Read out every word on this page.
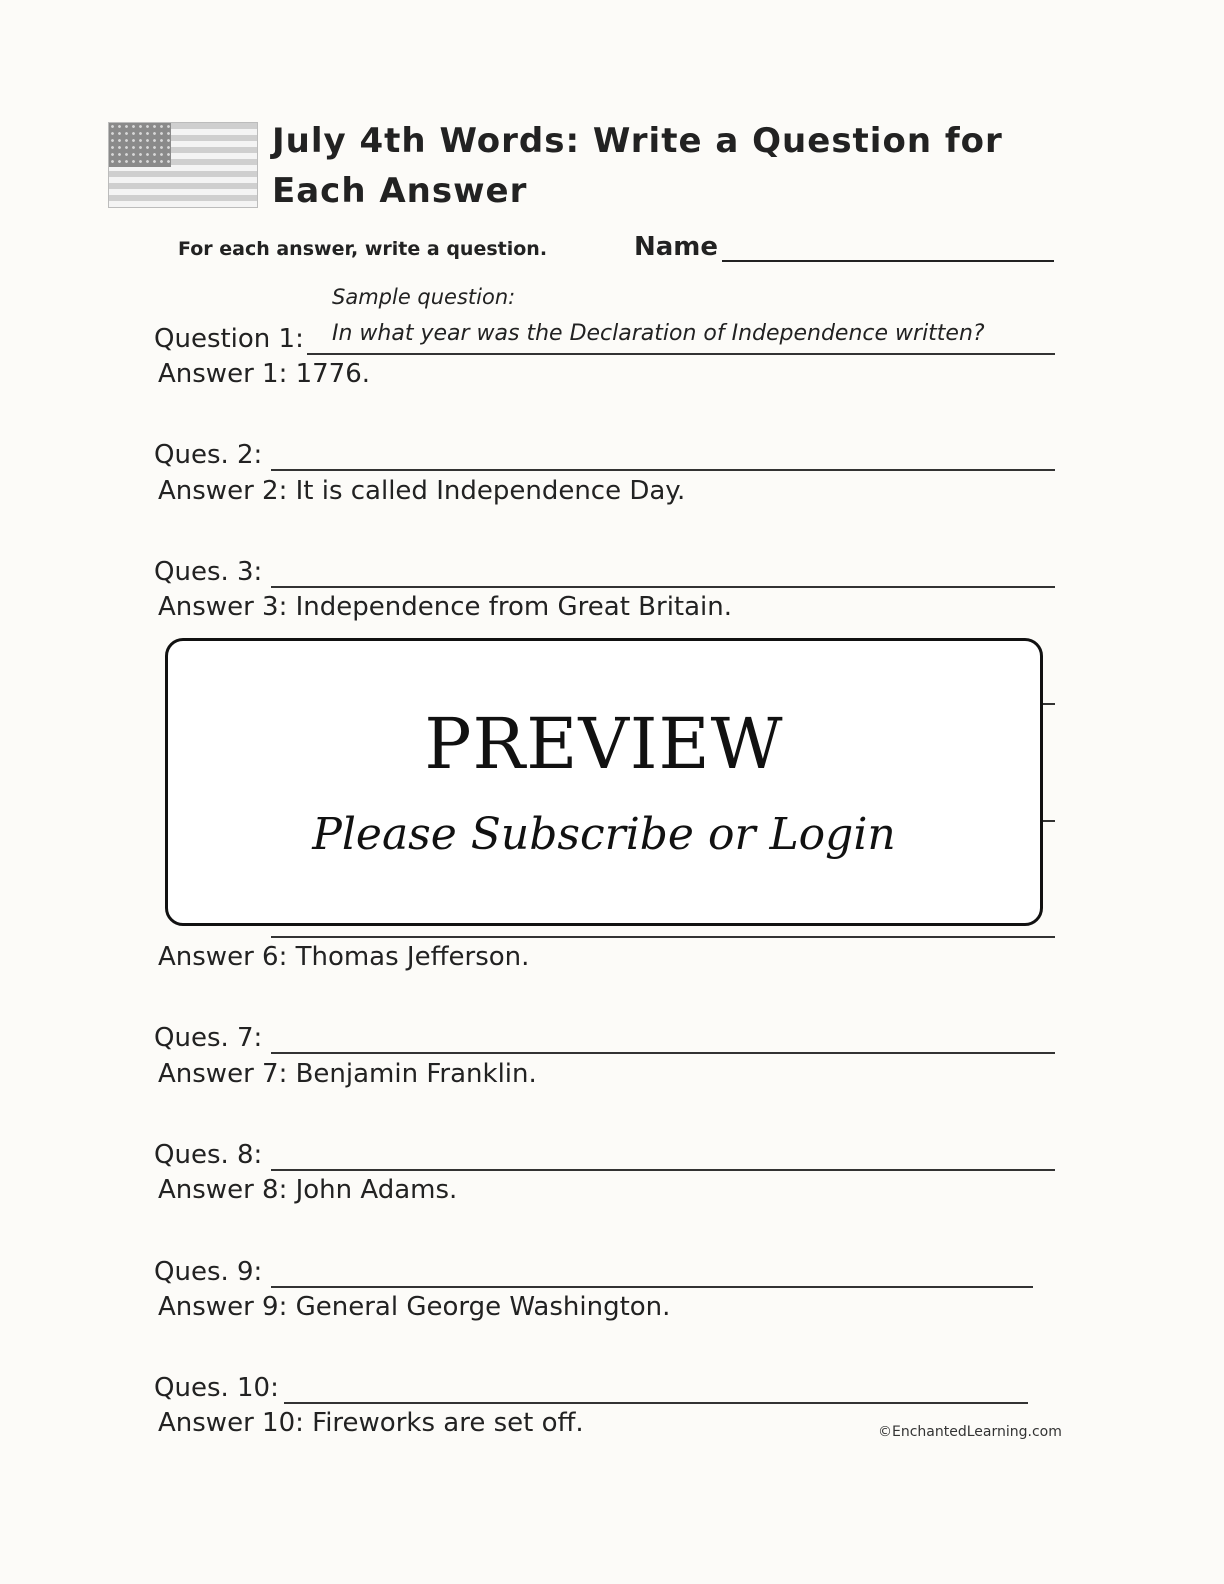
July 4th Words: Write a Question for Each Answer
For each answer, write a question.	Name
Sample question:
Question 1: In what year was the Declaration of Independence written?
Answer 1: 1776.
Ques. 2:
Answer 2: It is called Independence Day.
Ques. 3:
Answer 3: Independence from Great Britain.
Answer 6: Thomas Jefferson.
Ques. 7:
Answer 7: Benjamin Franklin.
Ques. 8:
Answer 8: John Adams.
Ques. 9:
Answer 9: General George Washington.
Ques. 10:
Answer 10: Fireworks are set off.	©EnchantedLearning.com
PREVIEW
Please Subscribe or Login
